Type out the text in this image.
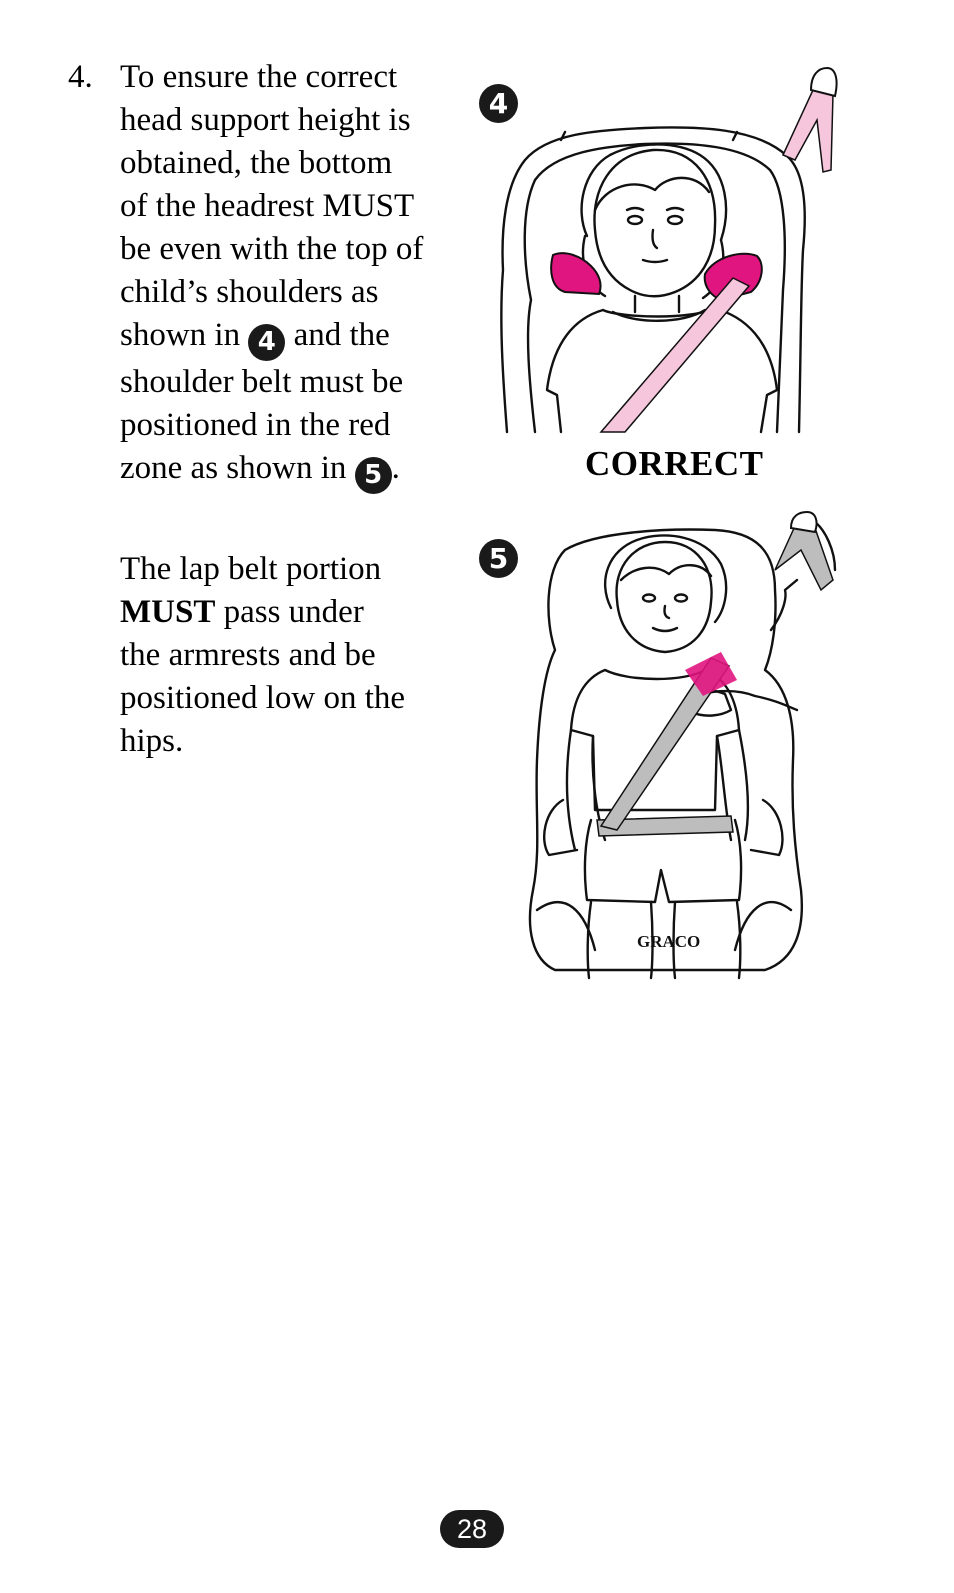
4. To ensure the correct
head support height is
obtained, the bottom
of the headrest MUST
be even with the top of
child’s shoulders as
shown in 4 and the
shoulder belt must be
positioned in the red
zone as shown in 5 .
The lap belt portion
MUST pass under
the armrests and be
positioned low on the
hips.
4
CORRECT
5
GRACO
28
